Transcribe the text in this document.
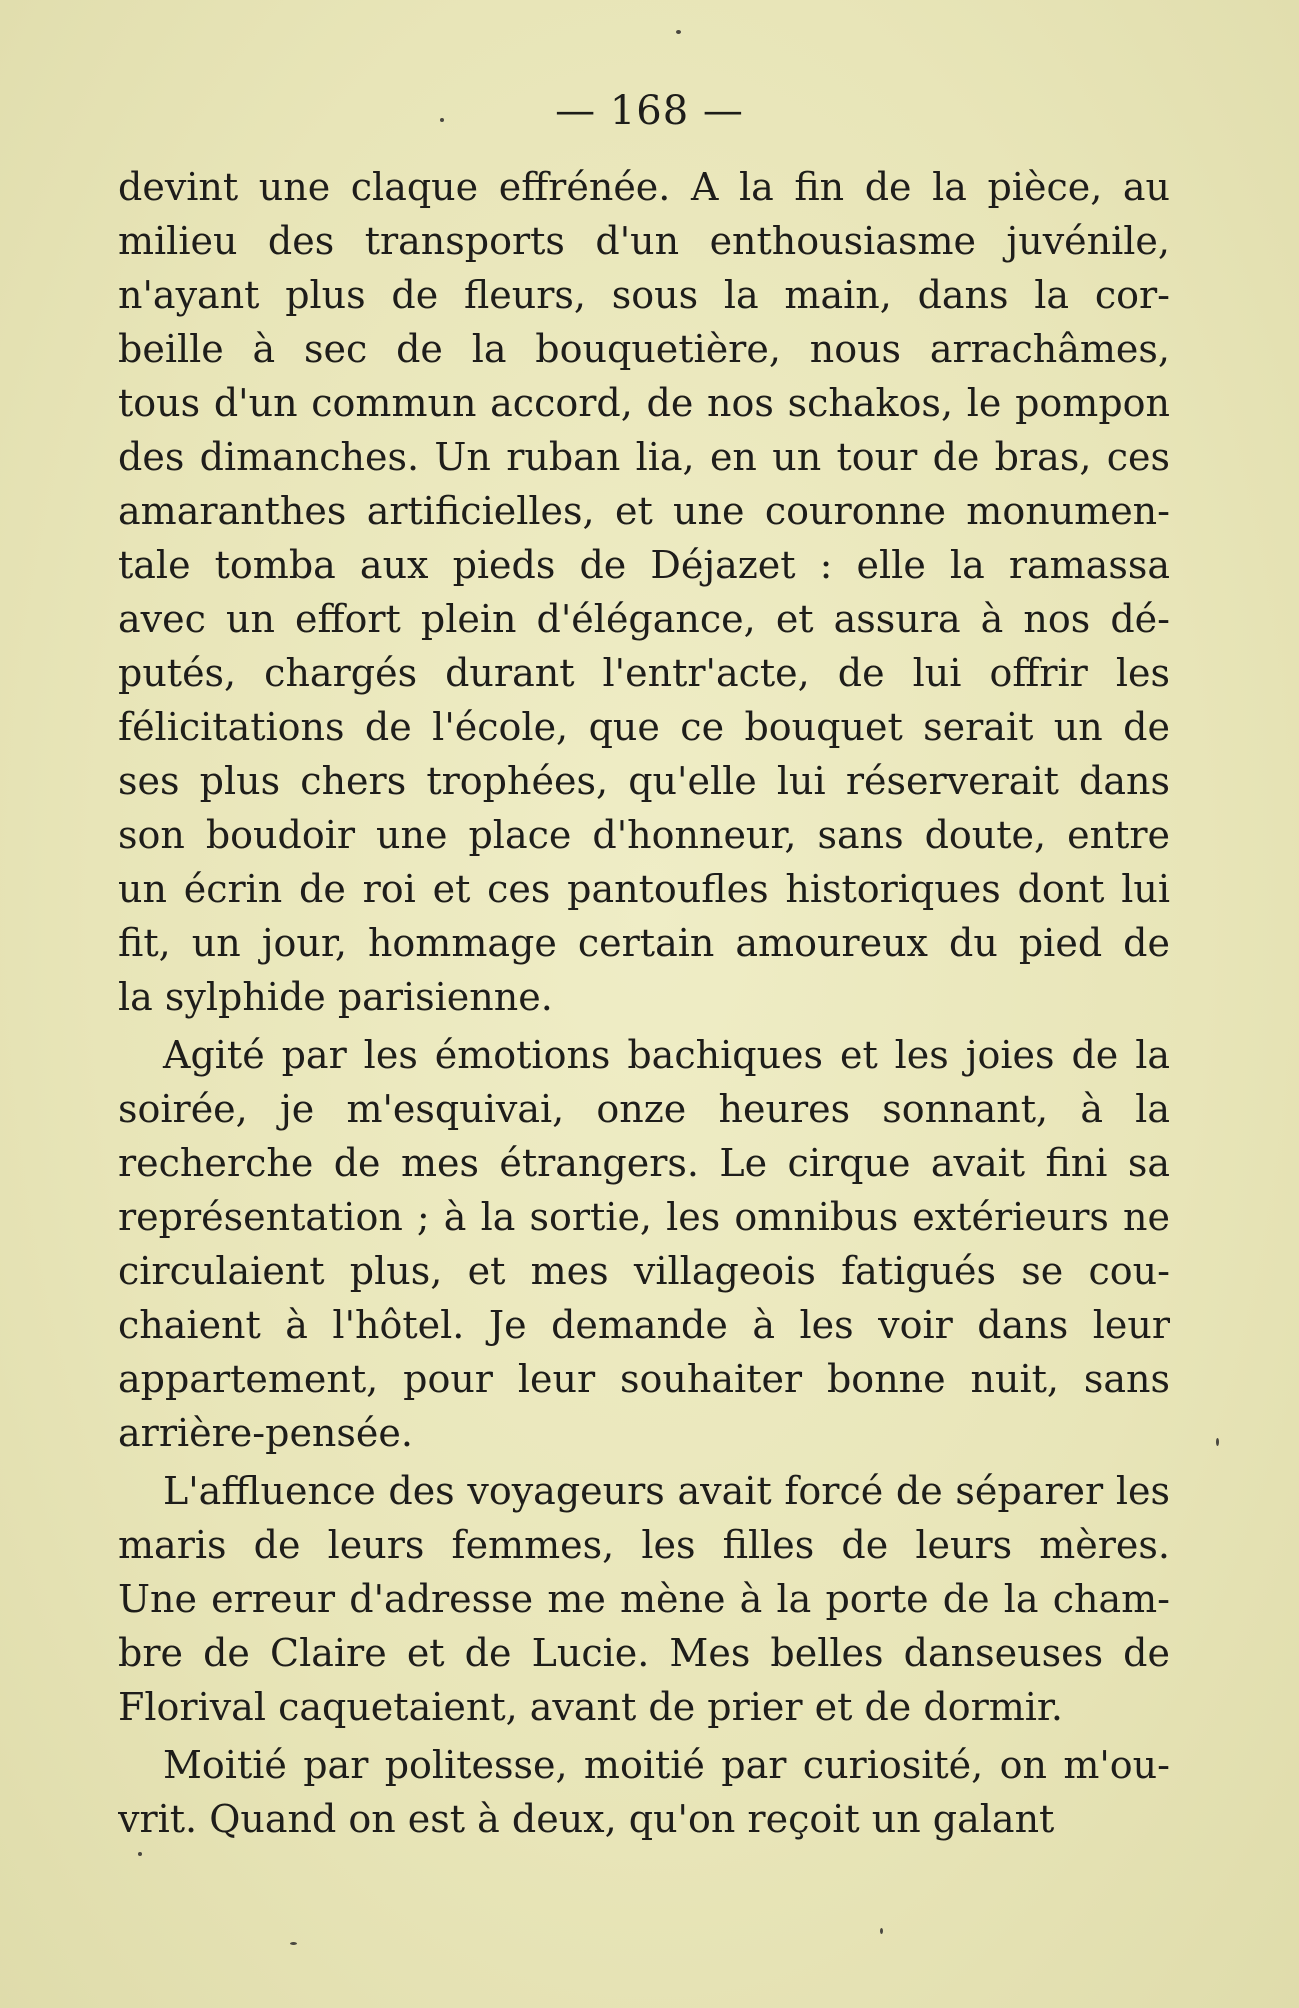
— 168 —
devint une claque effrénée. A la fin de la pièce, au
milieu des transports d'un enthousiasme juvénile,
n'ayant plus de fleurs, sous la main, dans la cor-
beille à sec de la bouquetière, nous arrachâmes,
tous d'un commun accord, de nos schakos, le pompon
des dimanches. Un ruban lia, en un tour de bras, ces
amaranthes artificielles, et une couronne monumen-
tale tomba aux pieds de Déjazet : elle la ramassa
avec un effort plein d'élégance, et assura à nos dé-
putés, chargés durant l'entr'acte, de lui offrir les
félicitations de l'école, que ce bouquet serait un de
ses plus chers trophées, qu'elle lui réserverait dans
son boudoir une place d'honneur, sans doute, entre
un écrin de roi et ces pantoufles historiques dont lui
fit, un jour, hommage certain amoureux du pied de
la sylphide parisienne.
Agité par les émotions bachiques et les joies de la
soirée, je m'esquivai, onze heures sonnant, à la
recherche de mes étrangers. Le cirque avait fini sa
représentation ; à la sortie, les omnibus extérieurs ne
circulaient plus, et mes villageois fatigués se cou-
chaient à l'hôtel. Je demande à les voir dans leur
appartement, pour leur souhaiter bonne nuit, sans
arrière-pensée.
L'affluence des voyageurs avait forcé de séparer les
maris de leurs femmes, les filles de leurs mères.
Une erreur d'adresse me mène à la porte de la cham-
bre de Claire et de Lucie. Mes belles danseuses de
Florival caquetaient, avant de prier et de dormir.
Moitié par politesse, moitié par curiosité, on m'ou-
vrit. Quand on est à deux, qu'on reçoit un galant
